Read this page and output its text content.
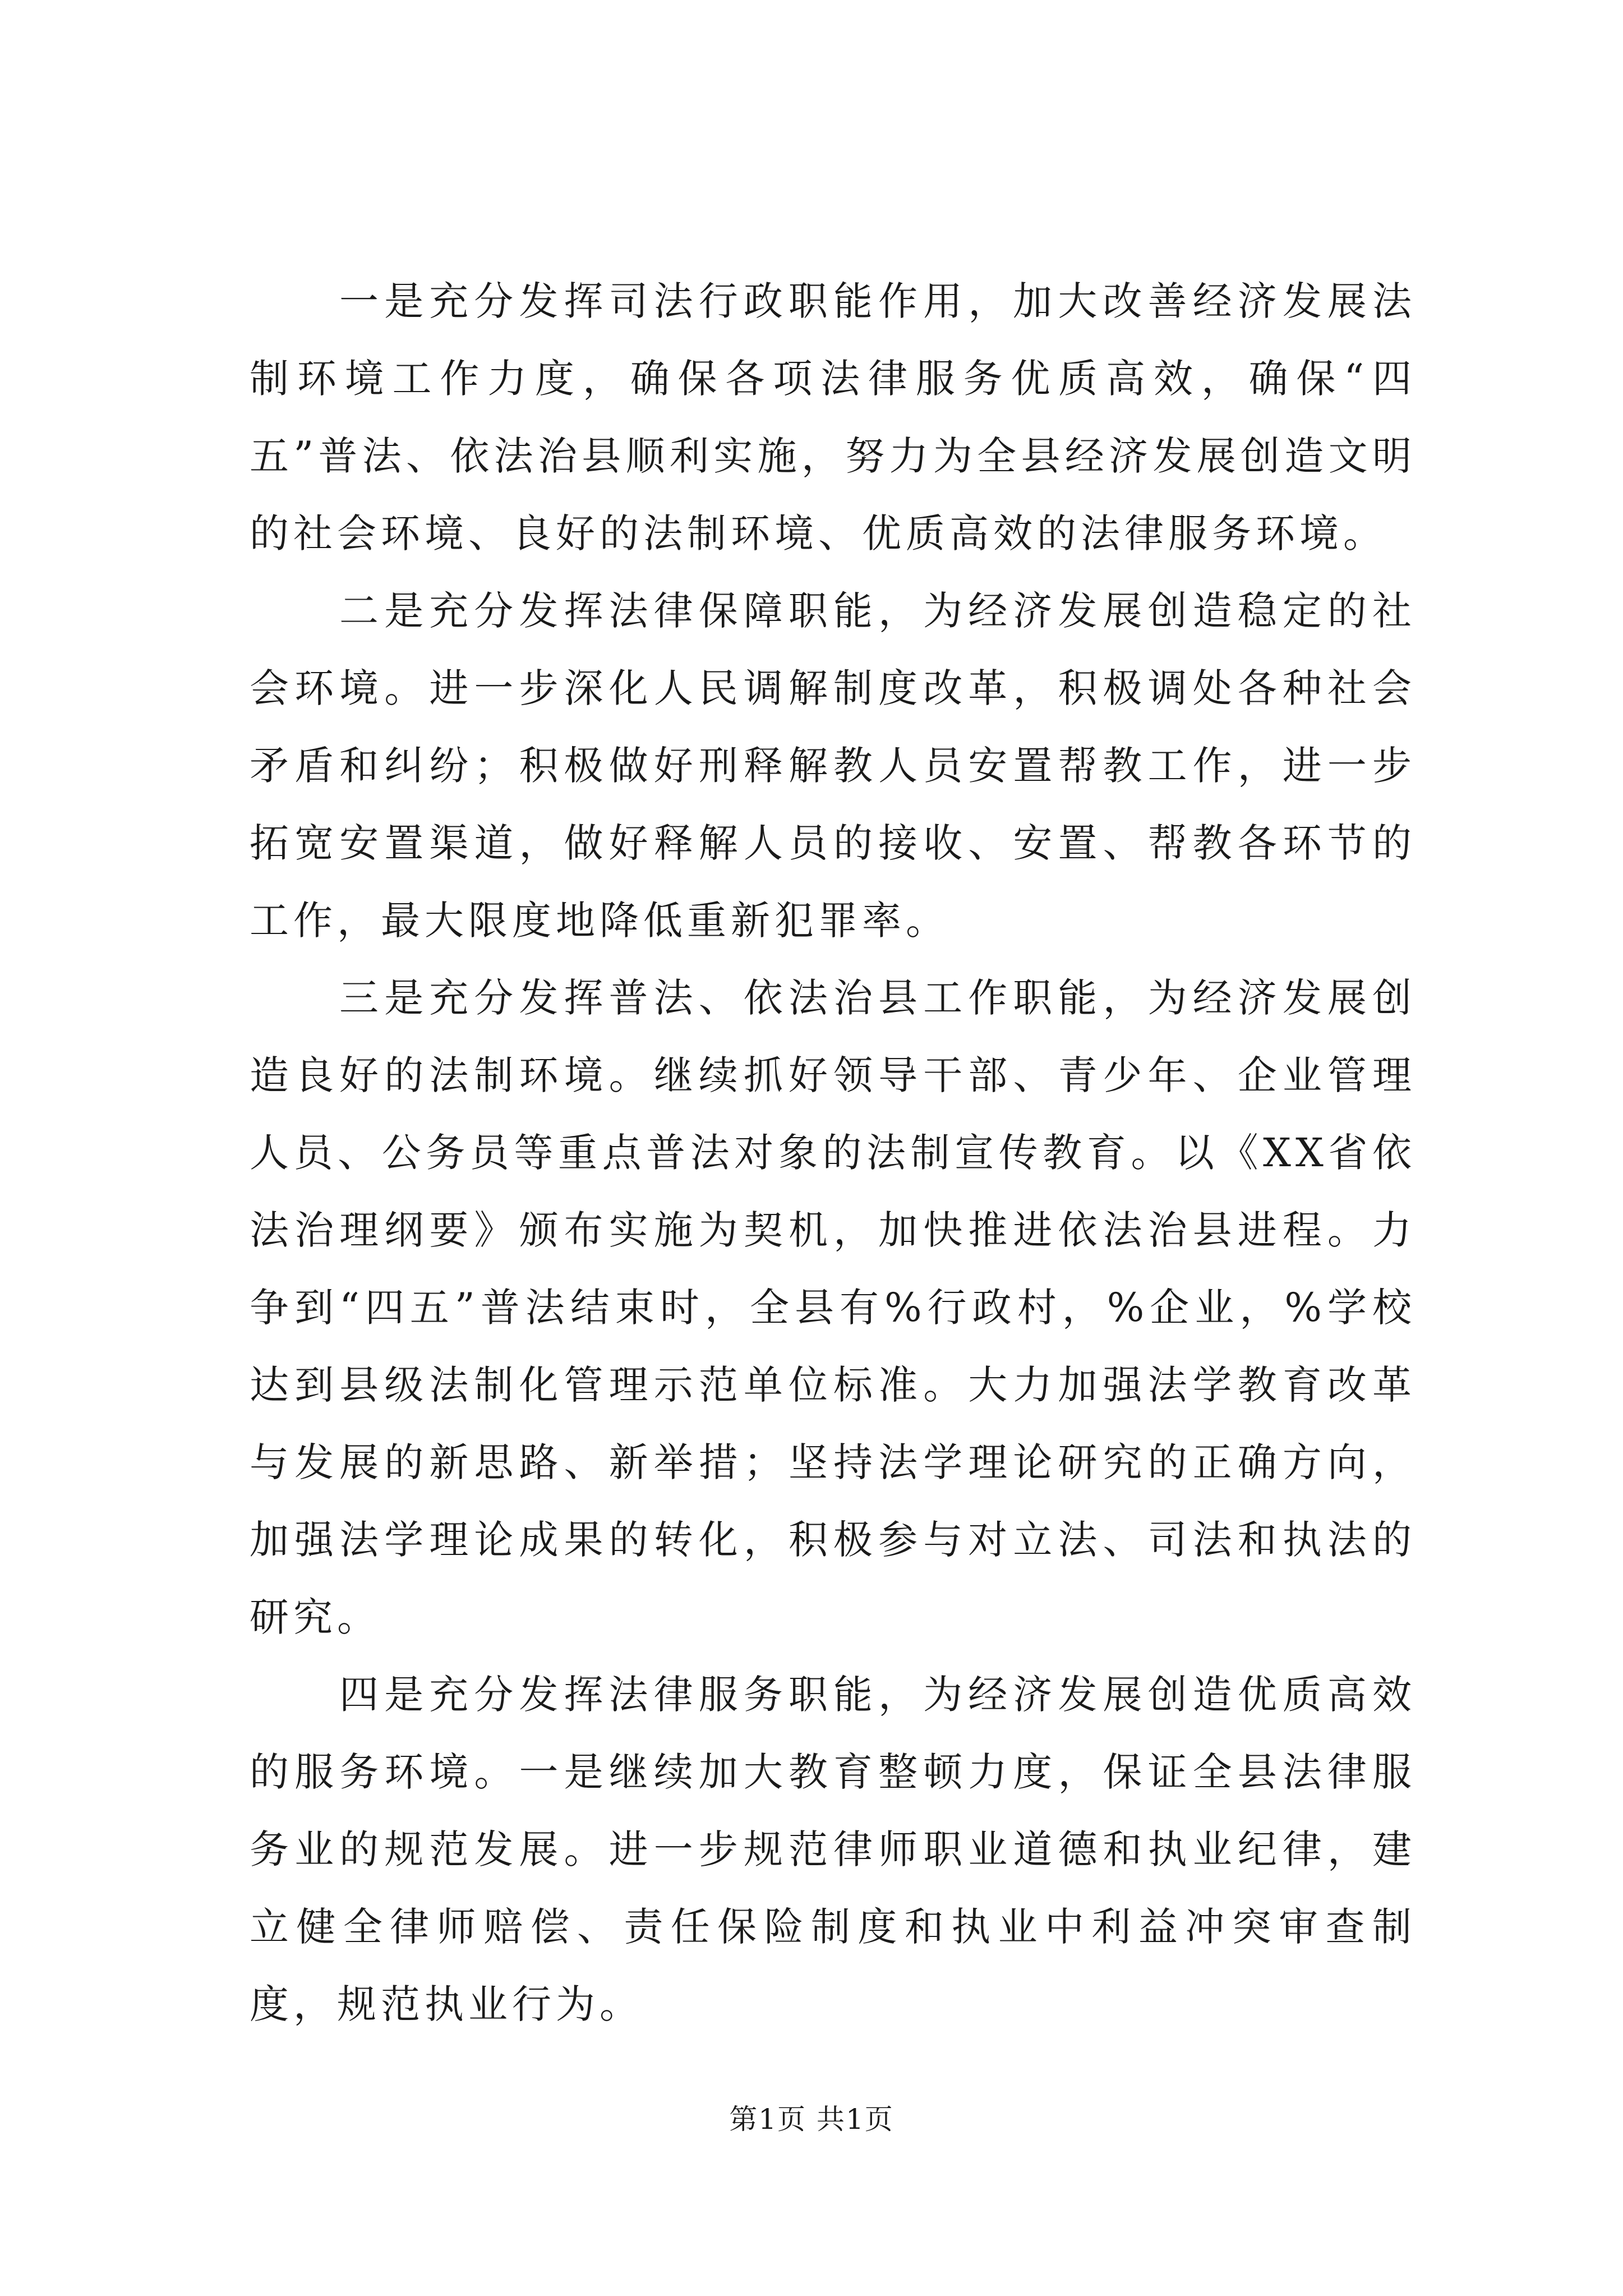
一是充分发挥司法行政职能作用，加大改善经济发展法制环境工作力度，确保各项法律服务优质高效，确保“四五”普法、依法治县顺利实施，努力为全县经济发展创造文明的社会环境、良好的法制环境、优质高效的法律服务环境。

二是充分发挥法律保障职能，为经济发展创造稳定的社会环境。进一步深化人民调解制度改革，积极调处各种社会矛盾和纠纷；积极做好刑释解教人员安置帮教工作，进一步拓宽安置渠道，做好释解人员的接收、安置、帮教各环节的工作，最大限度地降低重新犯罪率。

三是充分发挥普法、依法治县工作职能，为经济发展创造良好的法制环境。继续抓好领导干部、青少年、企业管理人员、公务员等重点普法对象的法制宣传教育。以《XX省依法治理纲要》颁布实施为契机，加快推进依法治县进程。力争到“四五”普法结束时，全县有%行政村，%企业，%学校达到县级法制化管理示范单位标准。大力加强法学教育改革与发展的新思路、新举措；坚持法学理论研究的正确方向，加强法学理论成果的转化，积极参与对立法、司法和执法的研究。

四是充分发挥法律服务职能，为经济发展创造优质高效的服务环境。一是继续加大教育整顿力度，保证全县法律服务业的规范发展。进一步规范律师职业道德和执业纪律，建立健全律师赔偿、责任保险制度和执业中利益冲突审查制度，规范执业行为。

第1页 共1页
